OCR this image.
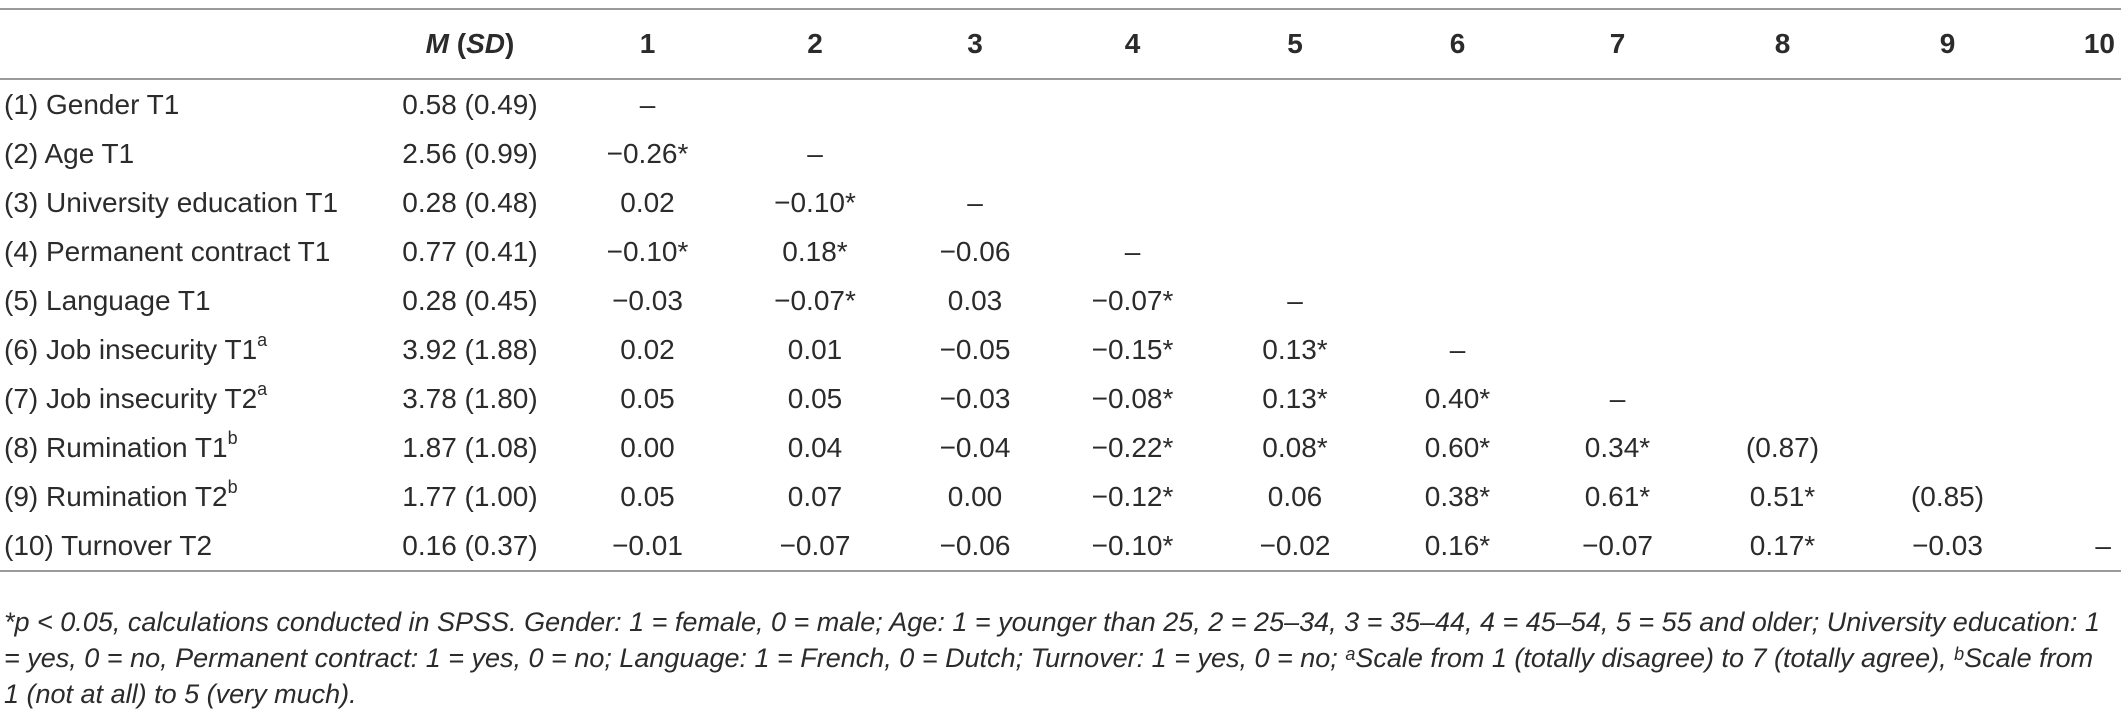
	M (SD)	1	2	3	4	5	6	7	8	9	10
(1) Gender T1	0.58 (0.49)	–									
(2) Age T1	2.56 (0.99)	−0.26*	–								
(3) University education T1	0.28 (0.48)	0.02	−0.10*	–							
(4) Permanent contract T1	0.77 (0.41)	−0.10*	0.18*	−0.06	–						
(5) Language T1	0.28 (0.45)	−0.03	−0.07*	0.03	−0.07*	–					
(6) Job insecurity T1$^a$	3.92 (1.88)	0.02	0.01	−0.05	−0.15*	0.13*	–				
(7) Job insecurity T2$^a$	3.78 (1.80)	0.05	0.05	−0.03	−0.08*	0.13*	0.40*	–			
(8) Rumination T1$^b$	1.87 (1.08)	0.00	0.04	−0.04	−0.22*	0.08*	0.60*	0.34*	(0.87)		
(9) Rumination T2$^b$	1.77 (1.00)	0.05	0.07	0.00	−0.12*	0.06	0.38*	0.61*	0.51*	(0.85)	
(10) Turnover T2	0.16 (0.37)	−0.01	−0.07	−0.06	−0.10*	−0.02	0.16*	−0.07	0.17*	−0.03	–
*p < 0.05, calculations conducted in SPSS. Gender: 1 = female, 0 = male; Age: 1 = younger than 25, 2 = 25–34, 3 = 35–44, 4 = 45–54, 5 = 55 and older; University education: 1 = yes, 0 = no, Permanent contract: 1 = yes, 0 = no; Language: 1 = French, 0 = Dutch; Turnover: 1 = yes, 0 = no; $^a$Scale from 1 (totally disagree) to 7 (totally agree), $^b$Scale from 1 (not at all) to 5 (very much).
